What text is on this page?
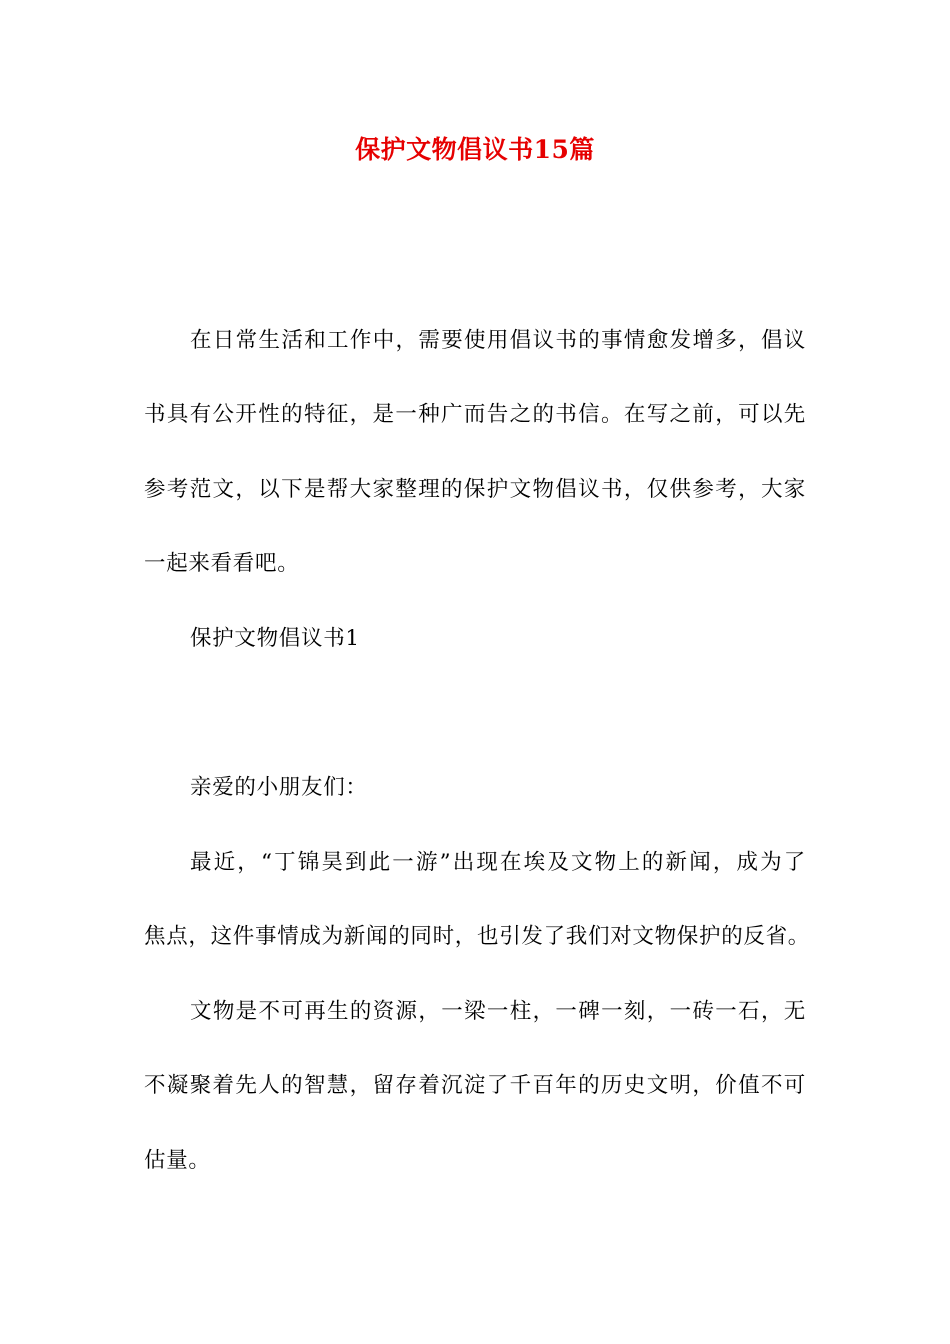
保护文物倡议书15篇
在日常生活和工作中，需要使用倡议书的事情愈发增多，倡议
书具有公开性的特征，是一种广而告之的书信。在写之前，可以先
参考范文，以下是帮大家整理的保护文物倡议书，仅供参考，大家
一起来看看吧。
保护文物倡议书1
亲爱的小朋友们：
最近，“丁锦昊到此一游”出现在埃及文物上的新闻，成为了
焦点，这件事情成为新闻的同时，也引发了我们对文物保护的反省。
文物是不可再生的资源，一梁一柱，一碑一刻，一砖一石，无
不凝聚着先人的智慧，留存着沉淀了千百年的历史文明，价值不可
估量。
